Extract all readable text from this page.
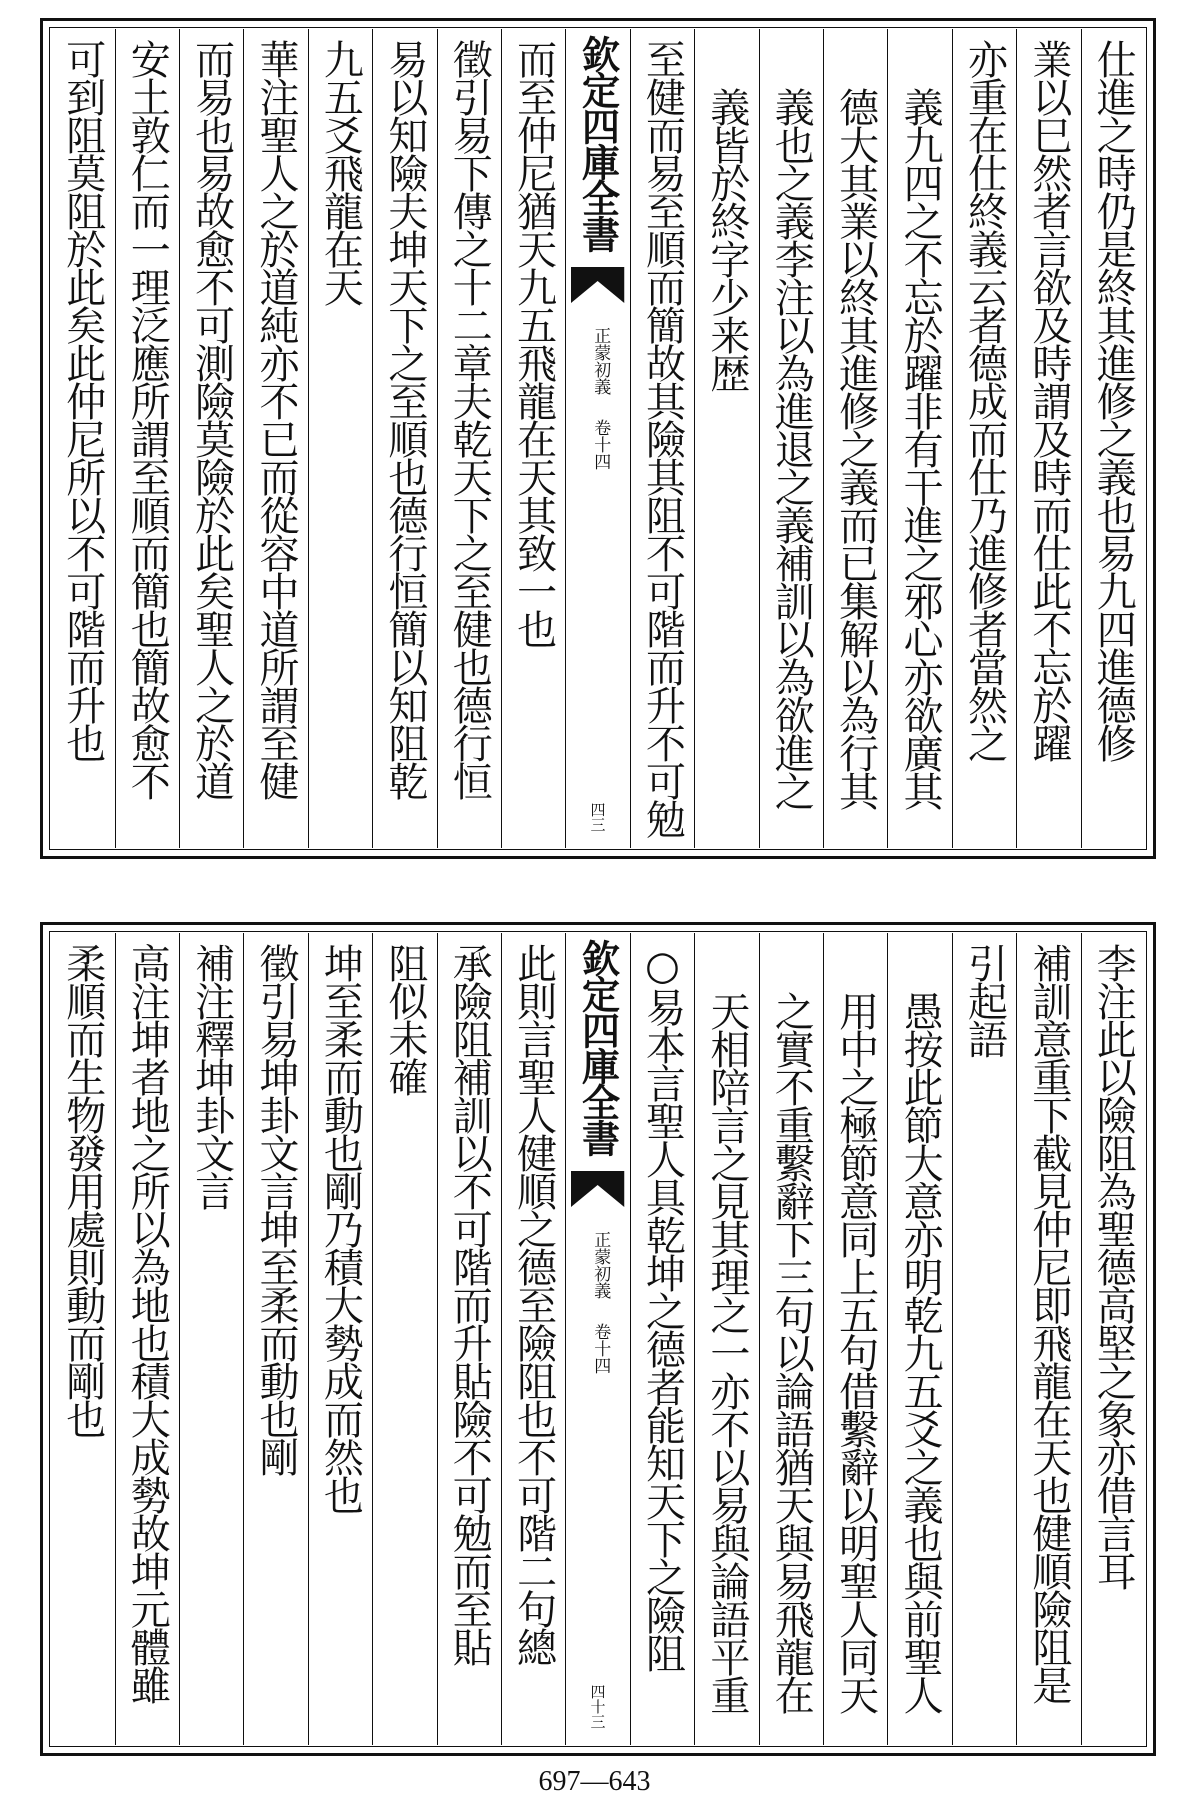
仕進之時仍是終其進修之義也易九四進德修
業以巳然者言欲及時謂及時而仕此不忘於躍
亦重在仕終義云者德成而仕乃進修者當然之
義九四之不忘於躍非有干進之邪心亦欲廣其
德大其業以終其進修之義而已集解以為行其
義也之義李注以為進退之義補訓以為欲進之
義皆於終字少来歴
至健而易至順而簡故其險其阻不可階而升不可勉
欽定四庫全書
正蒙初義
卷十四
四三
而至仲尼猶天九五飛龍在天其致一也
徵引易下傳之十二章夫乾天下之至健也德行恒
易以知險夫坤天下之至順也德行恒簡以知阻乾
九五爻飛龍在天
華注聖人之於道純亦不已而從容中道所謂至健
而易也易故愈不可測險莫險於此矣聖人之於道
安土敦仁而一理泛應所謂至順而簡也簡故愈不
可到阻莫阻於此矣此仲尼所以不可階而升也
李注此以險阻為聖德高堅之象亦借言耳
補訓意重下截見仲尼即飛龍在天也健順險阻是
引起語
愚按此節大意亦明乾九五爻之義也與前聖人
用中之極節意同上五句借繫辭以明聖人同天
之實不重繫辭下三句以論語猶天與易飛龍在
天相陪言之見其理之一亦不以易與論語平重
○易本言聖人具乾坤之德者能知天下之險阻
欽定四庫全書
正蒙初義
卷十四
四十三
此則言聖人健順之德至險阻也不可階二句總
承險阻補訓以不可階而升貼險不可勉而至貼
阻似未確
坤至柔而動也剛乃積大勢成而然也
徵引易坤卦文言坤至柔而動也剛
補注釋坤卦文言
高注坤者地之所以為地也積大成勢故坤元體雖
柔順而生物發用處則動而剛也
697—643
